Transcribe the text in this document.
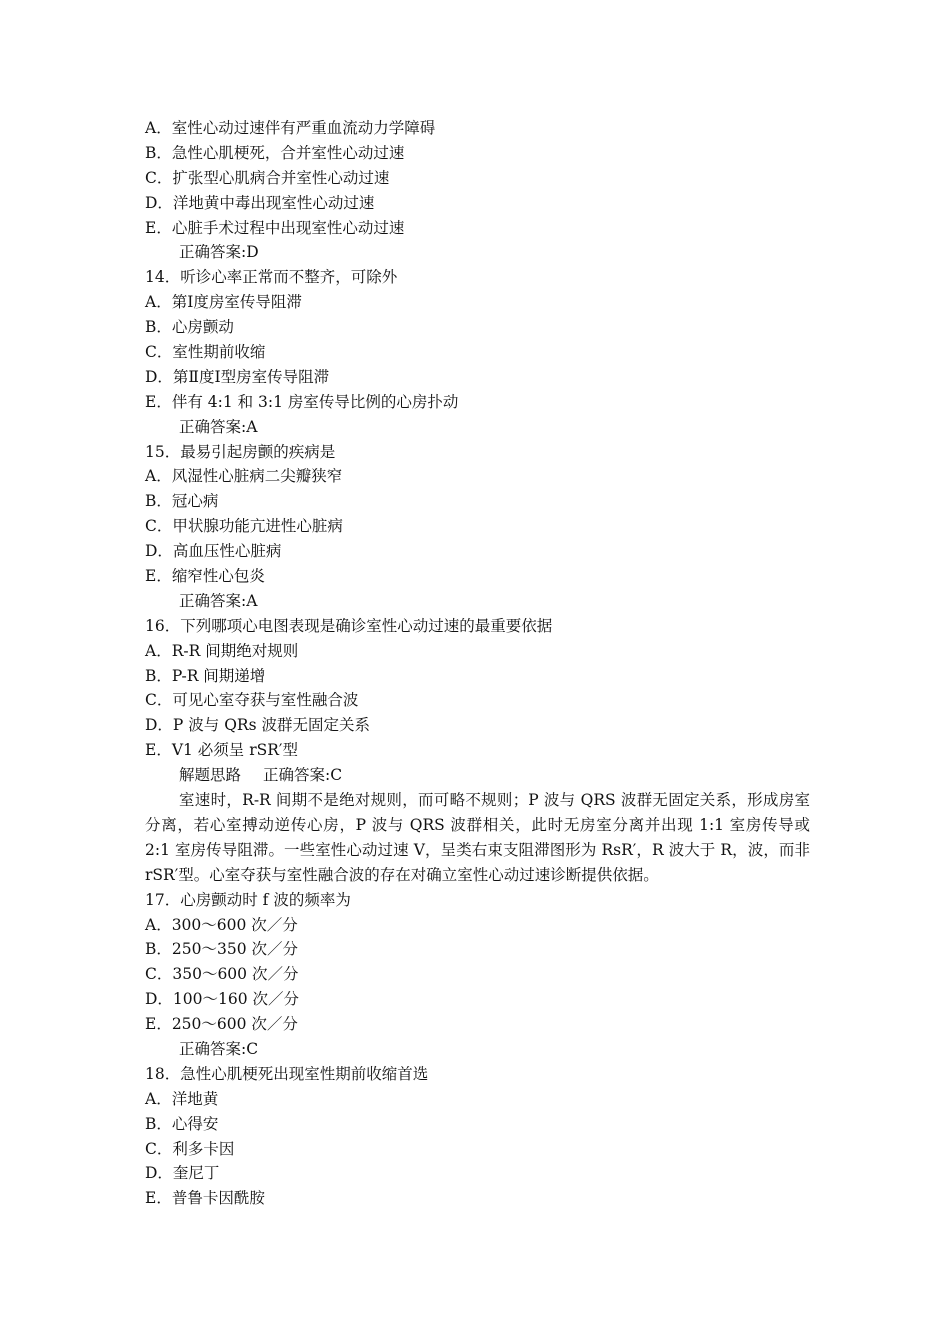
A．室性心动过速伴有严重血流动力学障碍
B．急性心肌梗死，合并室性心动过速
C．扩张型心肌病合并室性心动过速
D．洋地黄中毒出现室性心动过速
E．心脏手术过程中出现室性心动过速
正确答案:D
14．听诊心率正常而不整齐，可除外
A．第Ⅰ度房室传导阻滞
B．心房颤动
C．室性期前收缩
D．第Ⅱ度Ⅰ型房室传导阻滞
E．伴有 4:1 和 3:1 房室传导比例的心房扑动
正确答案:A
15．最易引起房颤的疾病是
A．风湿性心脏病二尖瓣狭窄
B．冠心病
C．甲状腺功能亢进性心脏病
D．高血压性心脏病
E．缩窄性心包炎
正确答案:A
16．下列哪项心电图表现是确诊室性心动过速的最重要依据
A．R-R 间期绝对规则
B．P-R 间期递增
C．可见心室夺获与室性融合波
D．P 波与 QRs 波群无固定关系
E．V1 必须呈 rSR′型
解题思路 正确答案:C
室速时，R-R 间期不是绝对规则，而可略不规则；P 波与 QRS 波群无固定关系，形成房室分离，若心室搏动逆传心房，P 波与 QRS 波群相关，此时无房室分离并出现 1:1 室房传导或 2:1 室房传导阻滞。一些室性心动过速 V，呈类右束支阻滞图形为 RsR′，R 波大于 R，波，而非 rSR′型。心室夺获与室性融合波的存在对确立室性心动过速诊断提供依据。
17．心房颤动时 f 波的频率为
A．300～600 次／分
B．250～350 次／分
C．350～600 次／分
D．100～160 次／分
E．250～600 次／分
正确答案:C
18．急性心肌梗死出现室性期前收缩首选
A．洋地黄
B．心得安
C．利多卡因
D．奎尼丁
E．普鲁卡因酰胺
